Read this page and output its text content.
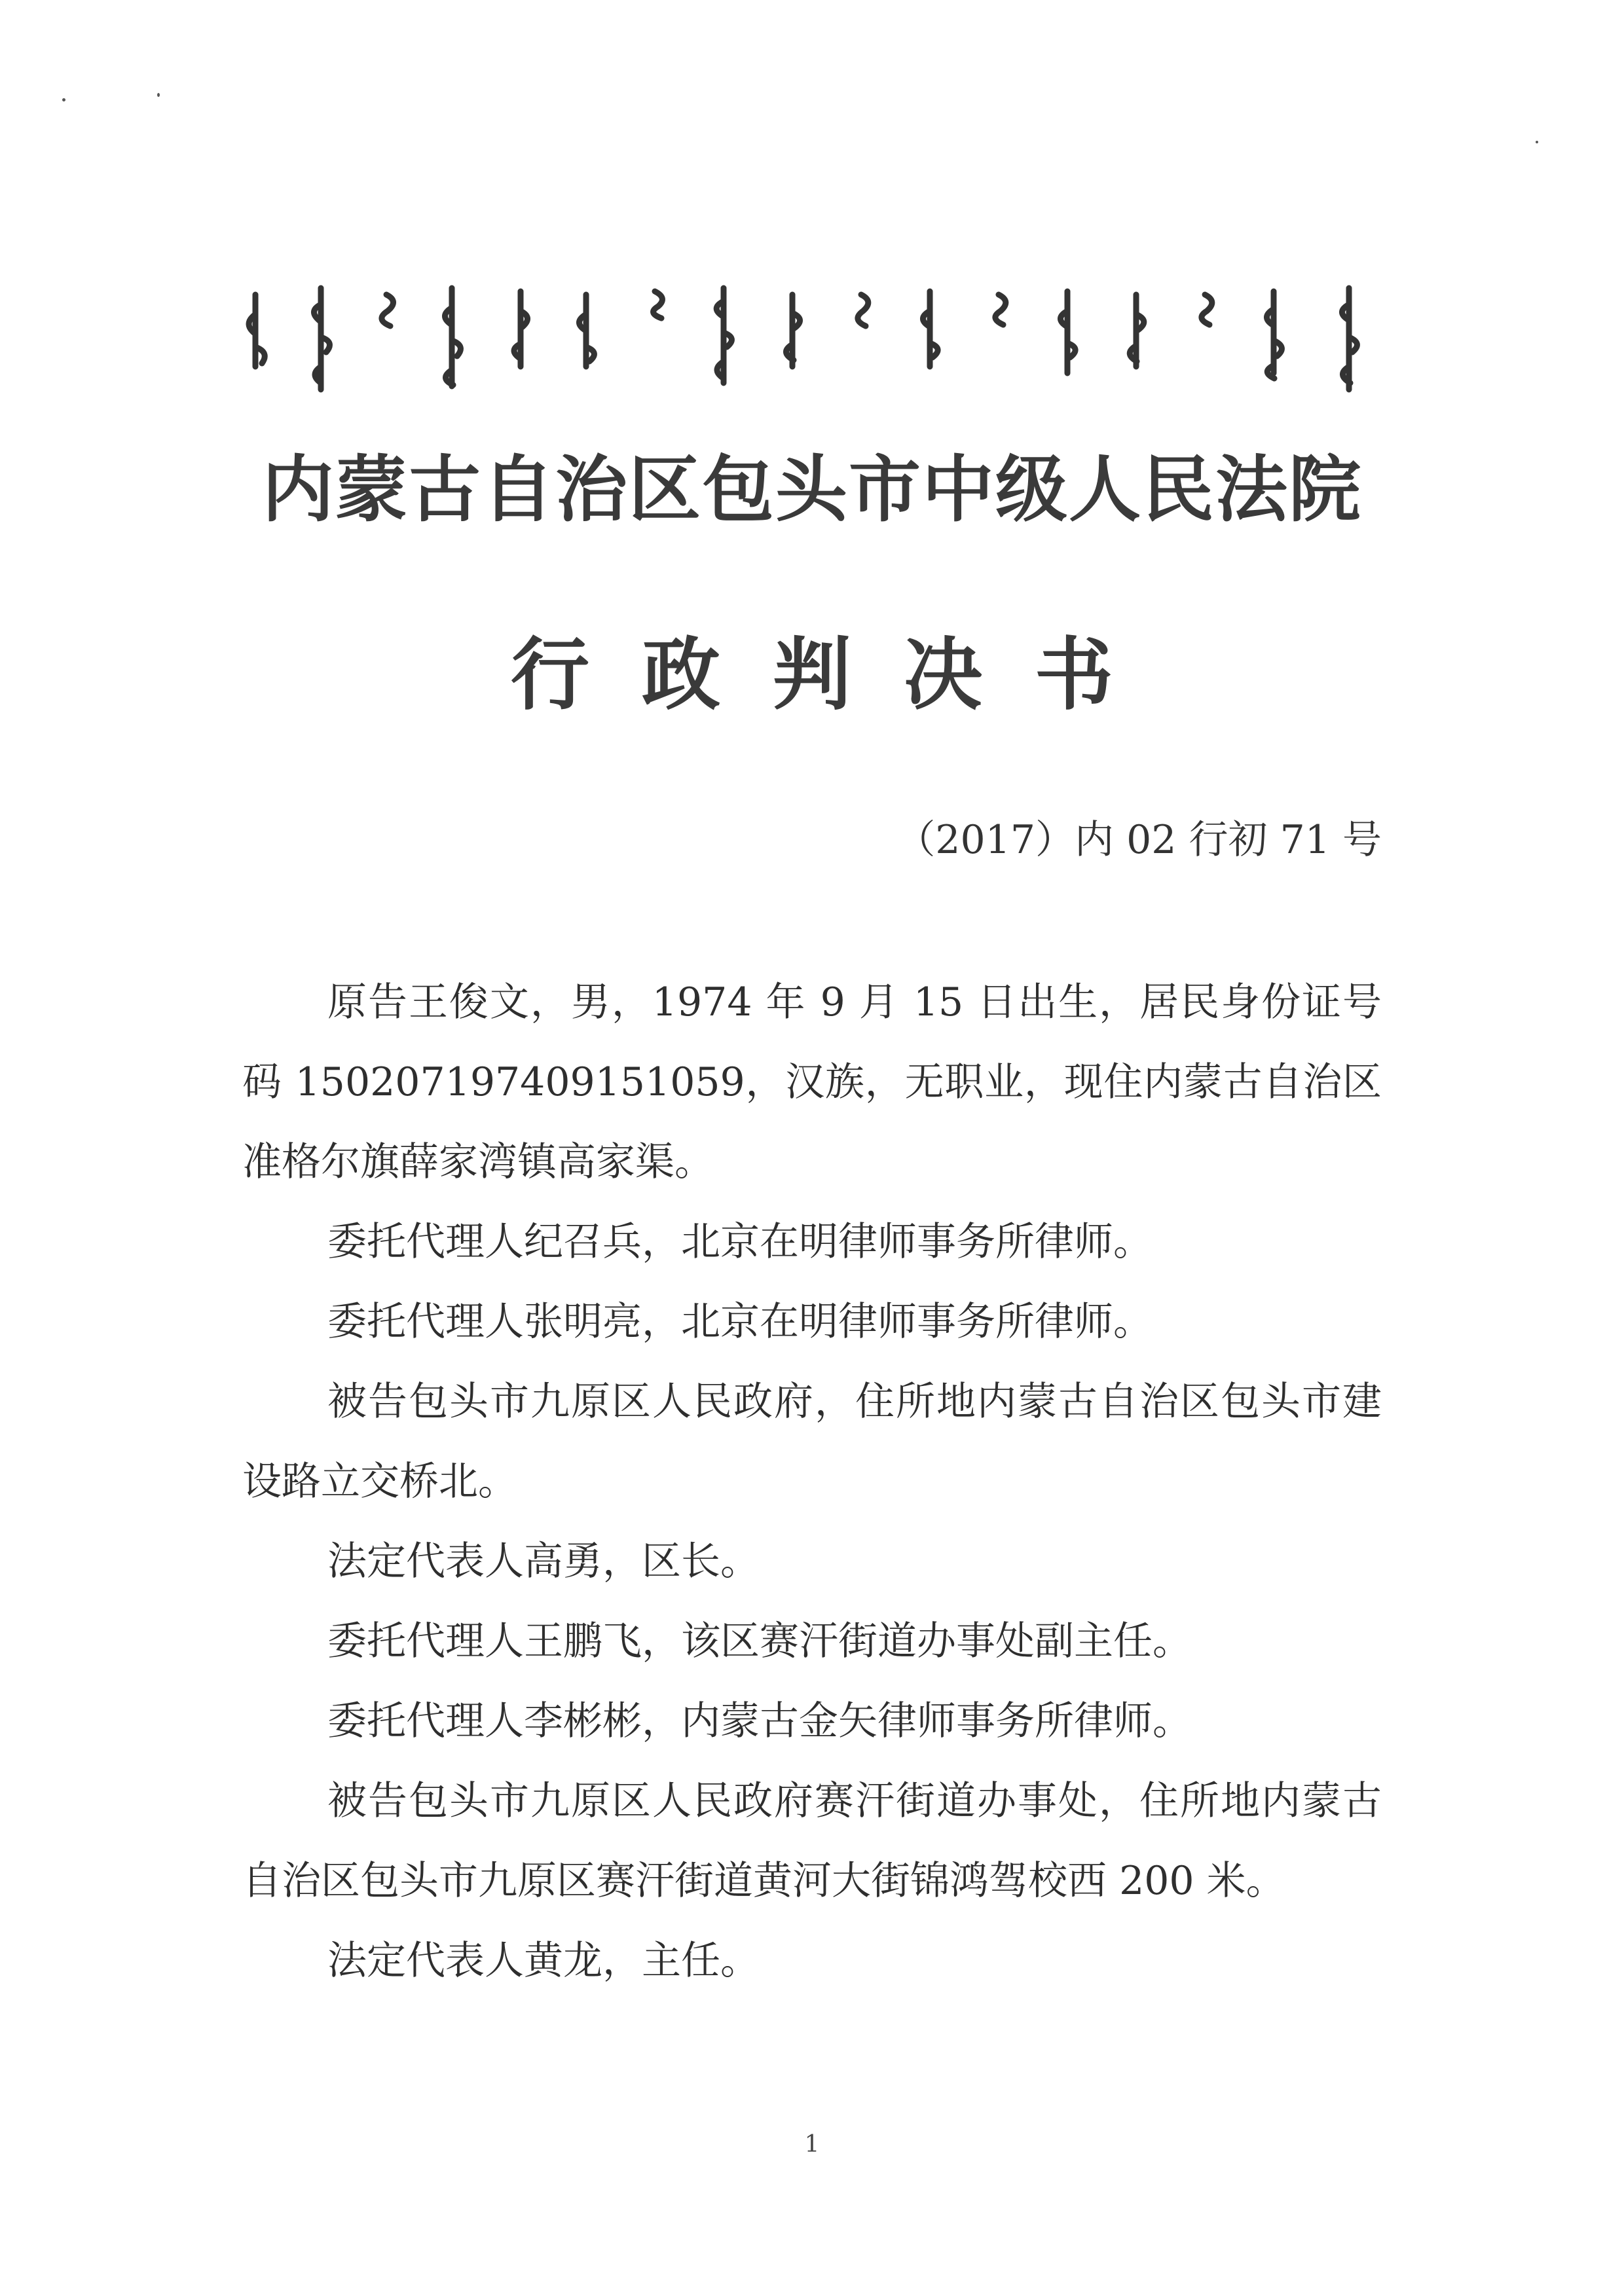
内蒙古自治区包头市中级人民法院
行政判决书
（2017）内 02 行初 71 号

原告王俊文，男，1974 年 9 月 15 日出生，居民身份证号码 150207197409151059，汉族，无职业，现住内蒙古自治区准格尔旗薛家湾镇高家渠。

委托代理人纪召兵，北京在明律师事务所律师。

委托代理人张明亮，北京在明律师事务所律师。

被告包头市九原区人民政府，住所地内蒙古自治区包头市建设路立交桥北。

法定代表人高勇，区长。

委托代理人王鹏飞，该区赛汗街道办事处副主任。

委托代理人李彬彬，内蒙古金矢律师事务所律师。

被告包头市九原区人民政府赛汗街道办事处，住所地内蒙古自治区包头市九原区赛汗街道黄河大街锦鸿驾校西 200 米。

法定代表人黄龙，主任。

1
